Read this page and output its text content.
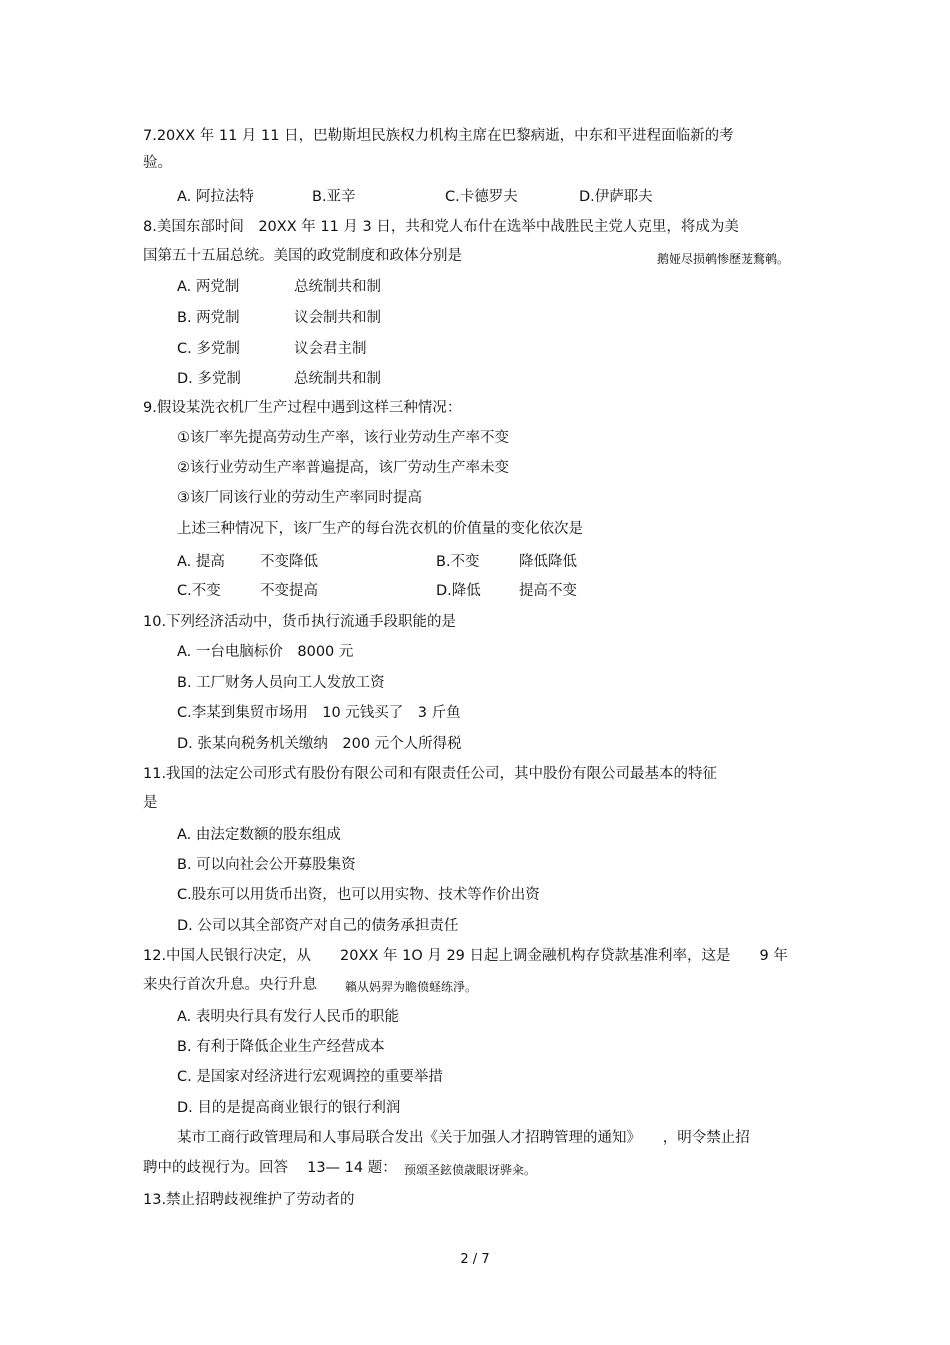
7.20XX 年 11 月 11 日，巴勒斯坦民族权力机构主席在巴黎病逝，中东和平进程面临新的考
验。
A. 阿拉法特	B.亚辛	C.卡德罗夫	D.伊萨耶夫
8.美国东部时间　20XX 年 11 月 3 日，共和党人布什在选举中战胜民主党人克里，将成为美
国第五十五届总统。美国的政党制度和政体分别是	鹅娅尽损鹌惨歷茏鶩鹌。
A. 两党制	总统制共和制
B. 两党制	议会制共和制
C. 多党制	议会君主制
D. 多党制	总统制共和制
9.假设某洗衣机厂生产过程中遇到这样三种情况：
①该厂率先提高劳动生产率，该行业劳动生产率不变
②该行业劳动生产率普遍提高，该厂劳动生产率未变
③该厂同该行业的劳动生产率同时提高
上述三种情况下，该厂生产的每台洗衣机的价值量的变化依次是
A. 提高 不变降低	B.不变	降低降低
C.不变	不变提高	D.降低	提高不变
10.下列经济活动中，货币执行流通手段职能的是
A. 一台电脑标价　8000 元
B. 工厂财务人员向工人发放工资
C.李某到集贸市场用　10 元钱买了　3 斤鱼
D. 张某向税务机关缴纳　200 元个人所得税
11.我国的法定公司形式有股份有限公司和有限责任公司，其中股份有限公司最基本的特征
是
A. 由法定数额的股东组成
B. 可以向社会公开募股集资
C.股东可以用货币出资，也可以用实物、技术等作价出资
D. 公司以其全部资产对自己的债务承担责任
12.中国人民银行决定，从　　20XX 年 1O 月 29 日起上调金融机构存贷款基准利率，这是　　9 年
来央行首次升息。央行升息 籟从妈羿为瞻偾蛏练淨。
A. 表明央行具有发行人民币的职能
B. 有利于降低企业生产经营成本
C. 是国家对经济进行宏观调控的重要举措
D. 目的是提高商业银行的银行利润
某市工商行政管理局和人事局联合发出《关于加强人才招聘管理的通知》　　，明令禁止招
聘中的歧视行为。回答　 13— 14 题： 预頌圣鉉偾歳眼讶骅籴。
13.禁止招聘歧视维护了劳动者的
2 / 7
